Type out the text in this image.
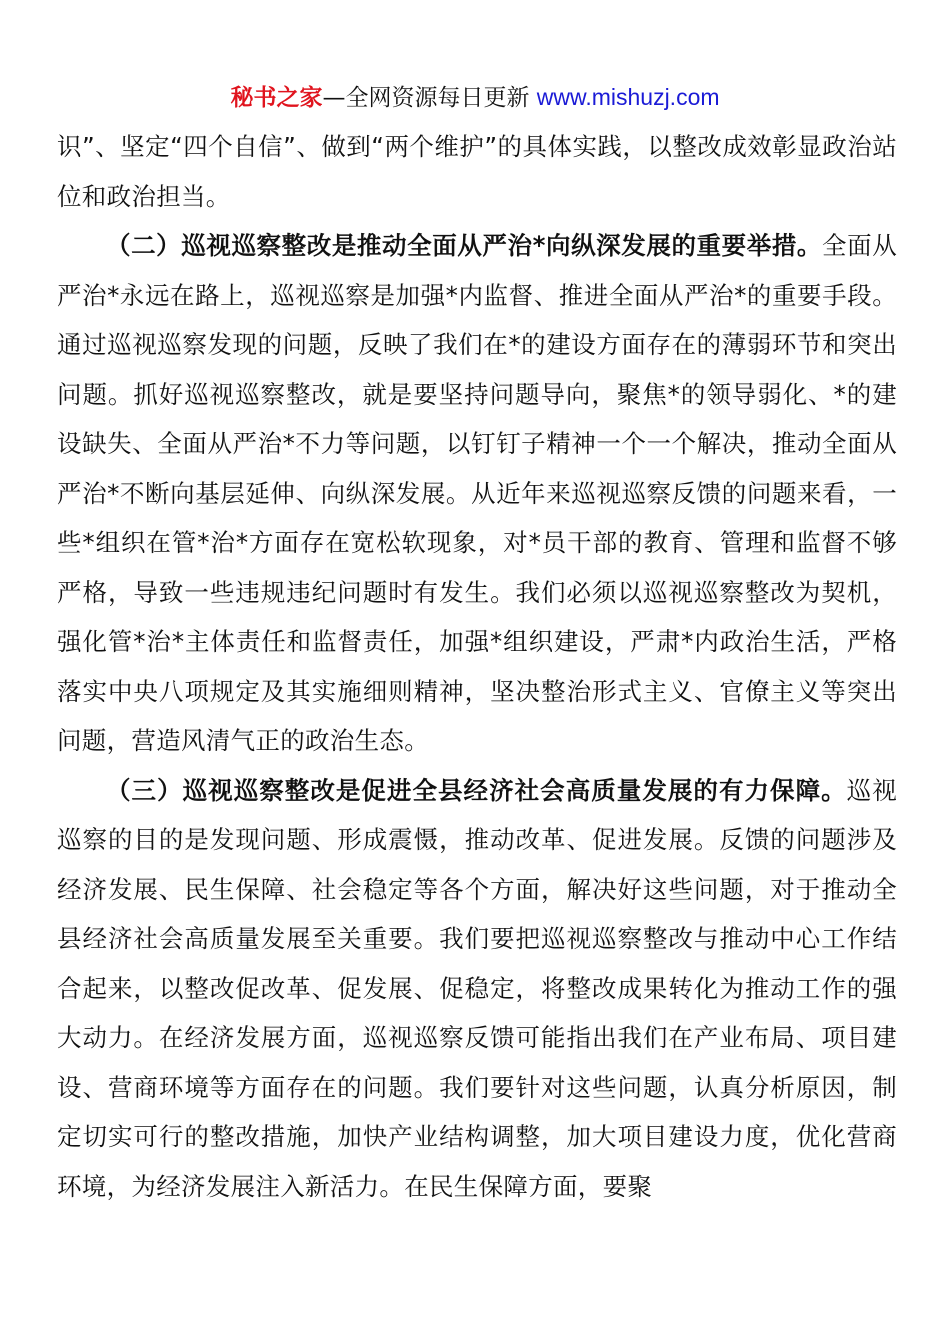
秘书之家—全网资源每日更新 www.mishuzj.com

识”、坚定“四个自信”、做到“两个维护”的具体实践，以整改成效彰显政治站位和政治担当。

（二）巡视巡察整改是推动全面从严治*向纵深发展的重要举措。全面从严治*永远在路上，巡视巡察是加强*内监督、推进全面从严治*的重要手段。通过巡视巡察发现的问题，反映了我们在*的建设方面存在的薄弱环节和突出问题。抓好巡视巡察整改，就是要坚持问题导向，聚焦*的领导弱化、*的建设缺失、全面从严治*不力等问题，以钉钉子精神一个一个解决，推动全面从严治*不断向基层延伸、向纵深发展。从近年来巡视巡察反馈的问题来看，一些*组织在管*治*方面存在宽松软现象，对*员干部的教育、管理和监督不够严格，导致一些违规违纪问题时有发生。我们必须以巡视巡察整改为契机，强化管*治*主体责任和监督责任，加强*组织建设，严肃*内政治生活，严格落实中央八项规定及其实施细则精神，坚决整治形式主义、官僚主义等突出问题，营造风清气正的政治生态。

（三）巡视巡察整改是促进全县经济社会高质量发展的有力保障。巡视巡察的目的是发现问题、形成震慑，推动改革、促进发展。反馈的问题涉及经济发展、民生保障、社会稳定等各个方面，解决好这些问题，对于推动全县经济社会高质量发展至关重要。我们要把巡视巡察整改与推动中心工作结合起来，以整改促改革、促发展、促稳定，将整改成果转化为推动工作的强大动力。在经济发展方面，巡视巡察反馈可能指出我们在产业布局、项目建设、营商环境等方面存在的问题。我们要针对这些问题，认真分析原因，制定切实可行的整改措施，加快产业结构调整，加大项目建设力度，优化营商环境，为经济发展注入新活力。在民生保障方面，要聚
